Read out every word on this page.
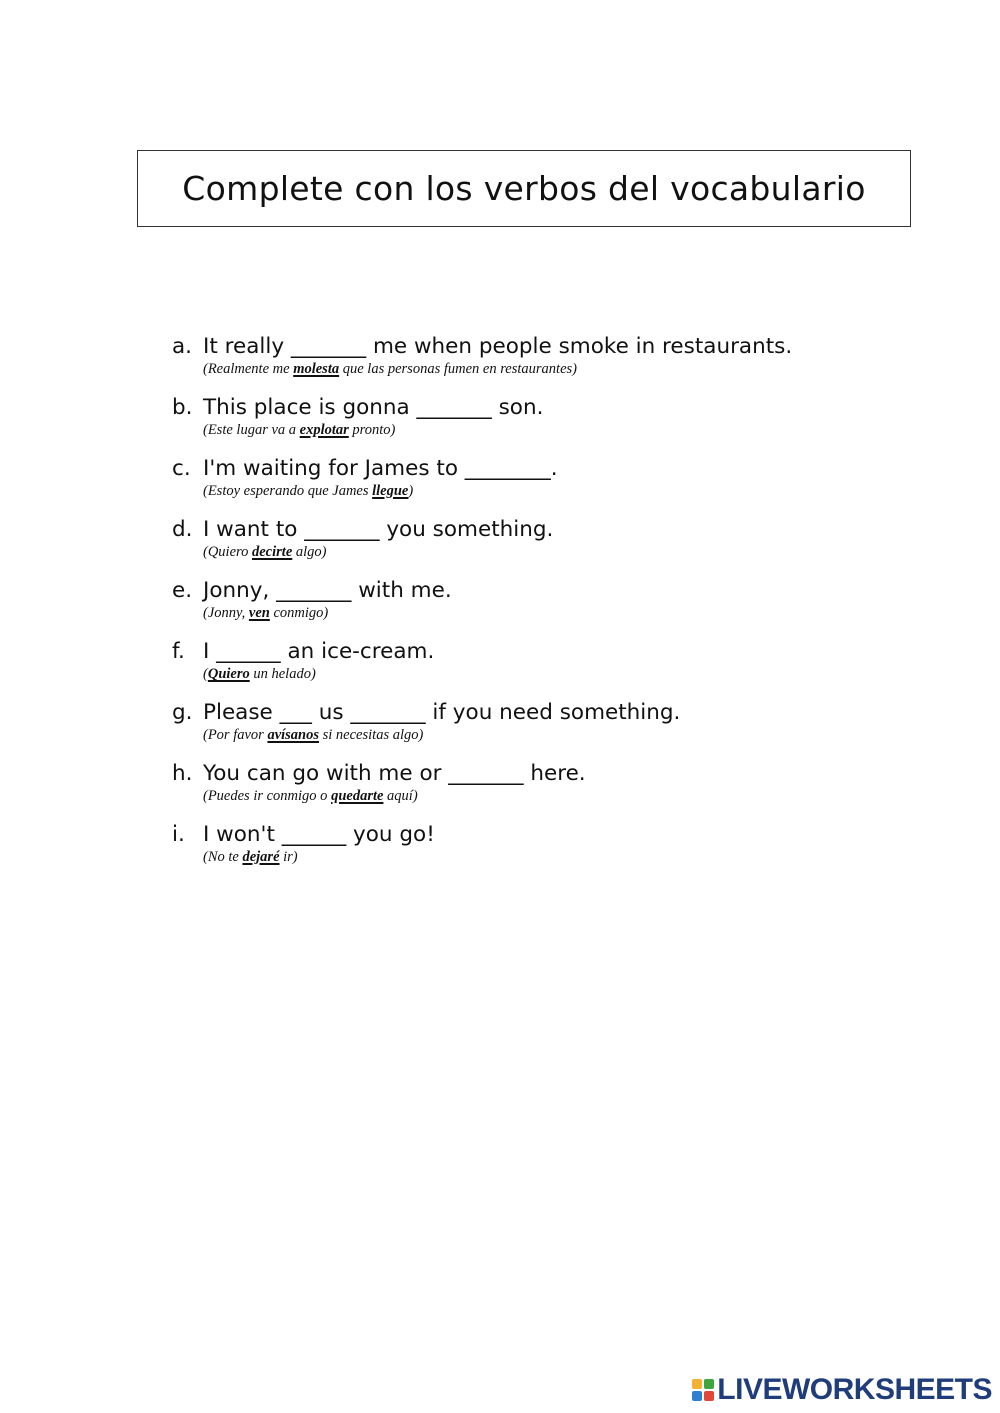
Complete con los verbos del vocabulario
a. It really _______ me when people smoke in restaurants.
(Realmente me molesta que las personas fumen en restaurantes)
b. This place is gonna _______ son.
(Este lugar va a explotar pronto)
c. I'm waiting for James to ________.
(Estoy esperando que James llegue)
d. I want to _______ you something.
(Quiero decirte algo)
e. Jonny, _______ with me.
(Jonny, ven conmigo)
f. I ______ an ice-cream.
(Quiero un helado)
g. Please ___ us _______ if you need something.
(Por favor avísanos si necesitas algo)
h. You can go with me or _______ here.
(Puedes ir conmigo o quedarte aquí)
i. I won't ______ you go!
(No te dejaré ir)
LIVEWORKSHEETS
